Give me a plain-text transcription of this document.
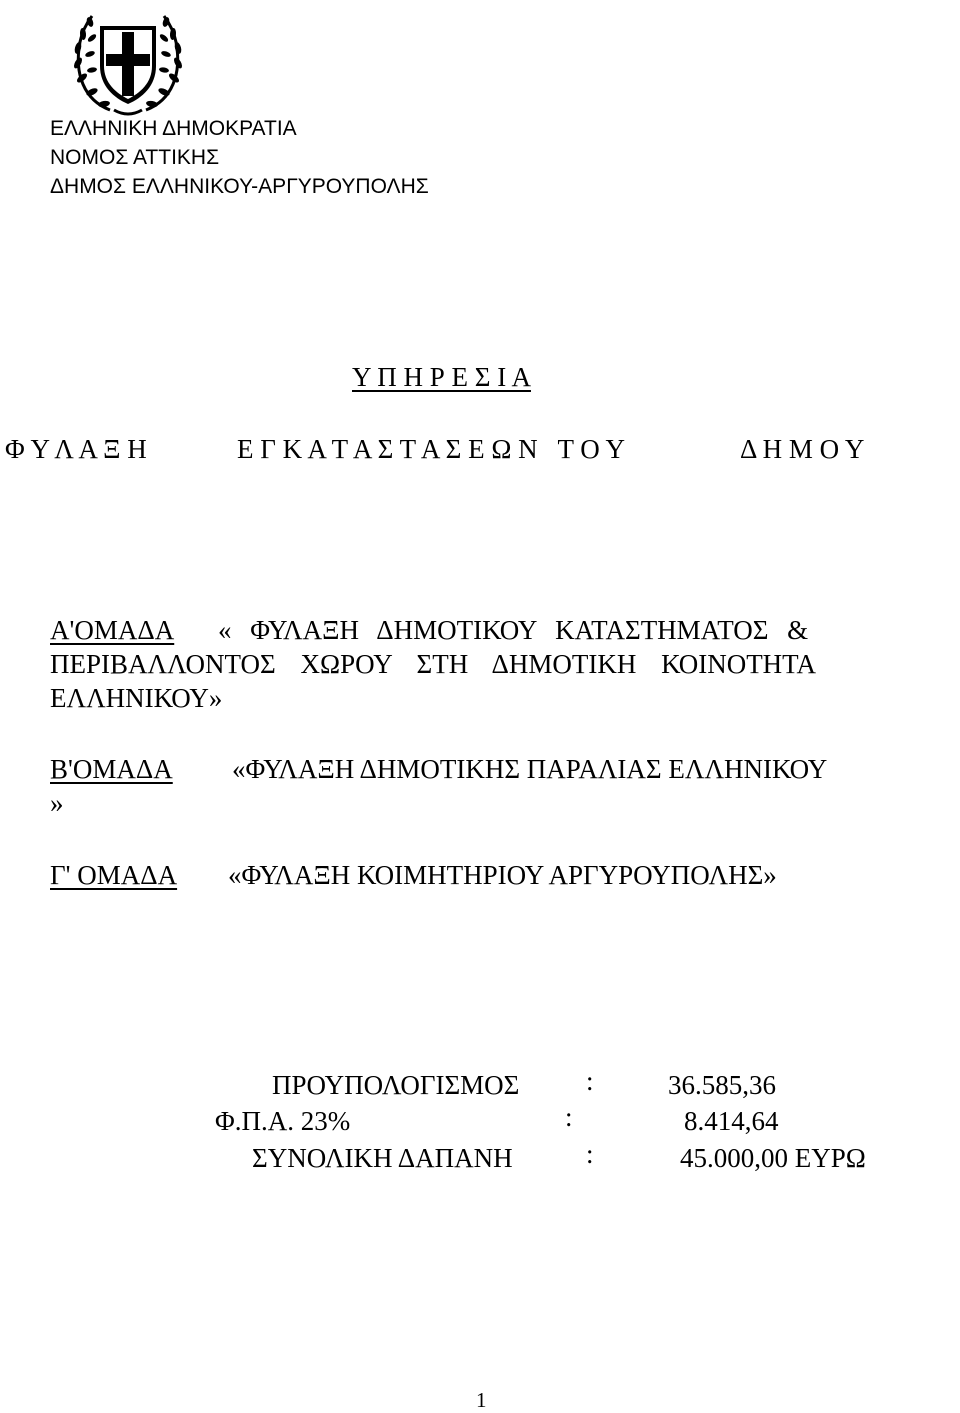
ΕΛΛΗΝΙΚΗ ΔΗΜΟΚΡΑΤΙΑ
ΝΟΜΟΣ ΑΤΤΙΚΗΣ
ΔΗΜΟΣ ΕΛΛΗΝΙΚΟΥ-ΑΡΓΥΡΟΥΠΟΛΗΣ
Υ Π Η Ρ Ε Σ Ι Α
Φ Υ Λ Α Ξ Η	Ε Γ Κ Α Τ Α Σ Τ Α Σ Ε Ω Ν   Τ Ο Υ	Δ Η Μ Ο Υ
Α'ΟΜΑΔΑ « ΦΥΛΑΞΗ ΔΗΜΟΤΙΚΟΥ ΚΑΤΑΣΤΗΜΑΤΟΣ &
ΠΕΡΙΒΑΛΛΟΝΤΟΣ ΧΩΡΟΥ ΣΤΗ ΔΗΜΟΤΙΚΗ ΚΟΙΝΟΤΗΤΑ
ΕΛΛΗΝΙΚΟΥ»
Β'ΟΜΑΔΑ «ΦΥΛΑΞΗ ΔΗΜΟΤΙΚΗΣ ΠΑΡΑΛΙΑΣ ΕΛΛΗΝΙΚΟΥ
»
Γ' ΟΜΑΔΑ «ΦΥΛΑΞΗ ΚΟΙΜΗΤΗΡΙΟΥ ΑΡΓΥΡΟΥΠΟΛΗΣ»
ΠΡΟΥΠΟΛΟΓΙΣΜΟΣ :	36.585,36
Φ.Π.Α. 23%	:	8.414,64
ΣΥΝΟΛΙΚΗ ΔΑΠΑΝΗ	:	45.000,00 ΕΥΡΩ
1
